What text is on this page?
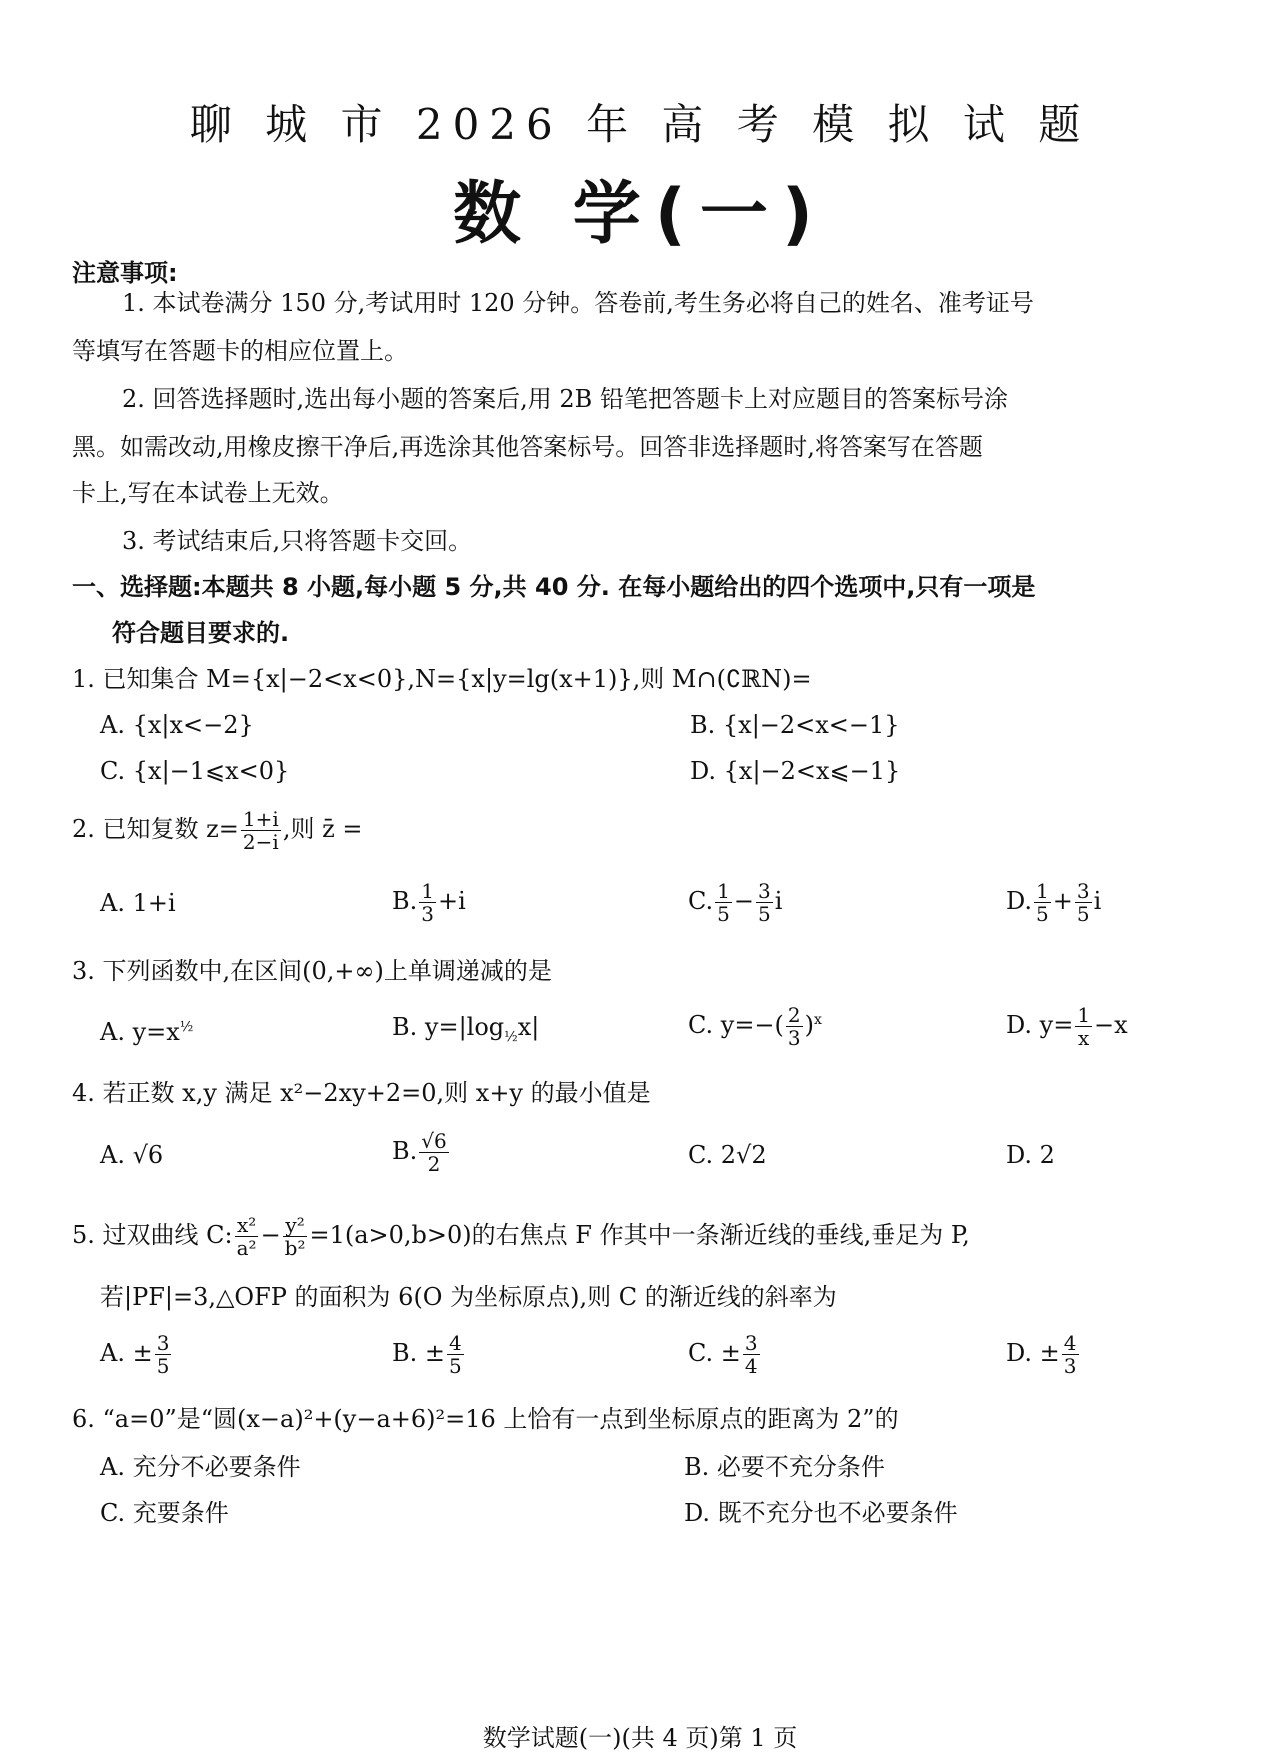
聊 城 市 2026 年 高 考 模 拟 试 题
数 学(一)
注意事项:
1. 本试卷满分 150 分,考试用时 120 分钟。答卷前,考生务必将自己的姓名、准考证号
等填写在答题卡的相应位置上。
2. 回答选择题时,选出每小题的答案后,用 2B 铅笔把答题卡上对应题目的答案标号涂
黑。如需改动,用橡皮擦干净后,再选涂其他答案标号。回答非选择题时,将答案写在答题
卡上,写在本试卷上无效。
3. 考试结束后,只将答题卡交回。
一、选择题:本题共 8 小题,每小题 5 分,共 40 分. 在每小题给出的四个选项中,只有一项是
符合题目要求的.
1. 已知集合 M={x|−2<x<0},N={x|y=lg(x+1)},则 M∩(∁ℝN)=
A. {x|x<−2}	B. {x|−2<x<−1}
C. {x|−1⩽x<0}	D. {x|−2<x⩽−1}
2. 已知复数 $z= \frac{1+i}{2-i}$ ,则 z̄ =
A. 1+i	B. $\frac{1}{3} +i$	C. $\frac{1}{5} - \frac{3}{5}$ i	D. $\frac{1}{5} + \frac{3}{5}$ i
3. 下列函数中,在区间(0,+∞)上单调递减的是
A. $y=x^{\frac{1}{2}}$	B. $y=|\log_{\frac{1}{2}}x|$	C. $y=-( \frac{2}{3} )^x$	D. $y= \frac{1}{x} -x$
4. 若正数 x,y 满足 x²−2xy+2=0,则 x+y 的最小值是
A. √6	B. $\frac{√6}{2}$	C. 2√2	D. 2
5. 过双曲线 C: $\frac{\text{x²}}{\text{a²}} - \frac{\text{y²}}{\text{b²}} =1(a>0,b>0)$的右焦点 F 作其中一条渐近线的垂线,垂足为 P,
若|PF|=3,△OFP 的面积为 6(O 为坐标原点),则 C 的渐近线的斜率为
A. ± $\frac{3}{5}$	B. ± $\frac{4}{5}$	C. ± $\frac{3}{4}$	D. ± $\frac{4}{3}$
6. “a=0”是“圆(x−a)²+(y−a+6)²=16 上恰有一点到坐标原点的距离为 2”的
A. 充分不必要条件	B. 必要不充分条件
C. 充要条件	D. 既不充分也不必要条件
数学试题(一)(共 4 页)第 1 页
